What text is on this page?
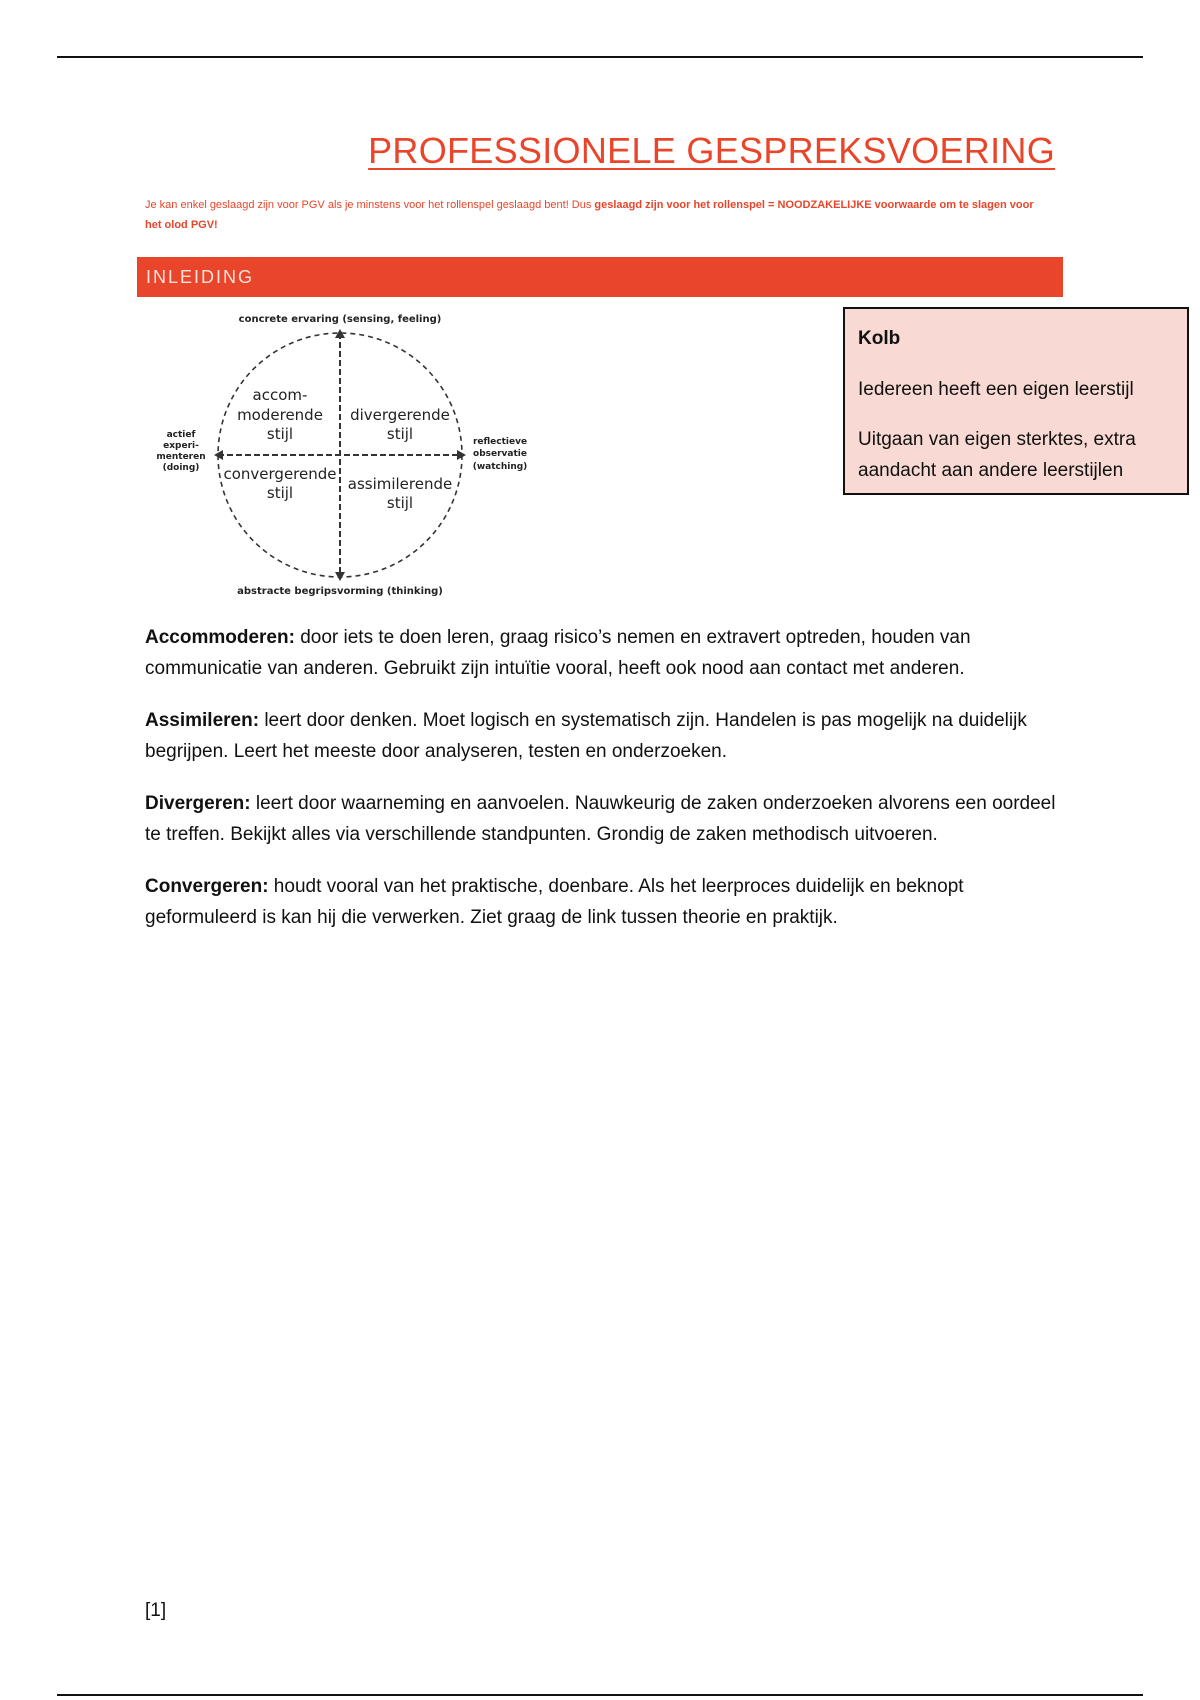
PROFESSIONELE GESPREKSVOERING

Je kan enkel geslaagd zijn voor PGV als je minstens voor het rollenspel geslaagd bent! Dus geslaagd zijn voor het rollenspel = NOODZAKELIJKE voorwaarde om te slagen voor het olod PGV!

INLEIDING
concrete ervaring (sensing, feeling)
abstracte begripsvorming (thinking)
actief
experi-
menteren
(doing)
reflectieve
observatie
(watching)
accom-
moderende
stijl
divergerende
stijl
convergerende
stijl	assimilerende
stijl

Kolb

Iedereen heeft een eigen leerstijl

Uitgaan van eigen sterktes, extra aandacht aan andere leerstijlen

Accommoderen: door iets te doen leren, graag risico’s nemen en extravert optreden, houden van communicatie van anderen. Gebruikt zijn intuïtie vooral, heeft ook nood aan contact met anderen.

Assimileren: leert door denken. Moet logisch en systematisch zijn. Handelen is pas mogelijk na duidelijk begrijpen. Leert het meeste door analyseren, testen en onderzoeken.

Divergeren: leert door waarneming en aanvoelen. Nauwkeurig de zaken onderzoeken alvorens een oordeel te treffen. Bekijkt alles via verschillende standpunten. Grondig de zaken methodisch uitvoeren.

Convergeren: houdt vooral van het praktische, doenbare. Als het leerproces duidelijk en beknopt geformuleerd is kan hij die verwerken. Ziet graag de link tussen theorie en praktijk.

[1]
